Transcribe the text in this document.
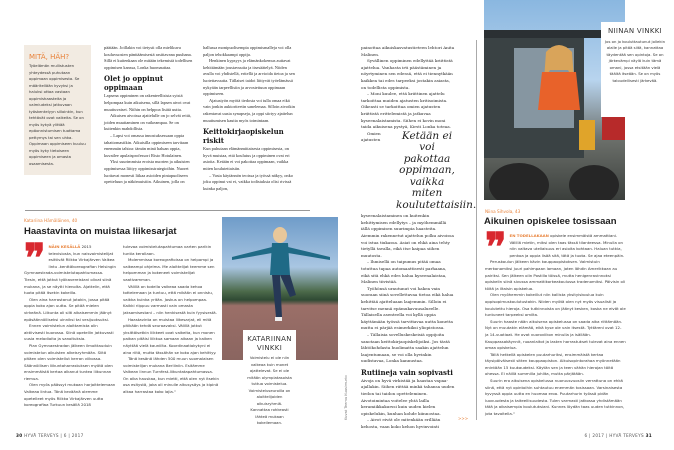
MITÄ, HÄH?
Työelämän mullistusten yhteydessä puhutaan oppimaan oppimisesta. Se määritellään kyvyksi ja haluksi ottaa vastaan oppimishaasteita ja valmiudeksi jatkuvaan työskentelyyn silloinkin, kun tehtävät ovat vaikeita. Se on myös kykyä ylittää epäonnistumisen tuottama pettymys tai sen uhka. Oppimaan oppimiseen kuuluu myös kyky tietoiseen oppimiseen ja omasta osaamisesta.

päätään. Joillakin voi tietysti olla mielikuva kouluvuosien pänttäämisestä rasittavana puuhana. Sillä ei kuitenkaan ole mitään tekemistä todellisen oppimisen kanssa, Lonka huomauttaa.

Olet jo oppinut oppimaan

Lapsena oppiminen on rakenteellisista syistä helpompaa kuin aikuisena, sillä lapsen aivot ovat muuttuvaiset. Niihin on helppoa lisätä uutta.

Aikuisen aivoissa ajattelulle on jo selvät reitit, joiden muuttaminen on vaikeampaa. Se on kuitenkin mahdollista.

– Lapsi voi omassa innostuksessaan oppia tahattomastikin. Aikuisilla oppimiseen tarvitaan enemmän tahtoa: tämän minä haluan oppia, kuvailee apulaisprofessori Risto Hotulainen.

Yksi suurimmista eroista nuorten ja aikuisten oppimisessa liittyy oppimisstrategioihin. Nuoret luottavat monesti liikaa asioiden pintapuoliseen opetteluun ja näkömuistiin. Aikuinen, jolla on

hallussa monipuolisempia oppimismalleja voi olla paljon tehokkaampi oppija.

Henkinen kypsyys ja elämänkokemus auttavat kehittämään joustavuutta ja itsesäätelyä. Niiden avulla voi yhdistellä, eritellä ja arvioida tietoa ja sen luotettavuutta. Tällaiset taidot liittyvät työelämässä nykyään tarpeellisiin ja arvostettuun oppimaan oppimiseen.

Ajatustyön myötä tiedosta voi tulla omaa eikä vain jonkin auktoriteetin sanelemaa. Silloin aivotkin rakentavat uusia synapseja, ja oppi siirtyy ajattelun muuttumisen kautta myös toimintaan.

Keittokirjaopiskelun riskit

Kun puhutaan elämänmittaisesta oppimisesta, on hyvä muistaa, että koulutus ja oppiminen ovat eri asioita. Ketään ei voi pakottaa oppimaan, vaikka miten koulutettaisiin.

– Vasta käytännön teoissa ja työssä näkyy, onko joku oppinut vai ei, vaikka todistuksia olisi rivissä kuinka paljon,

Katariina Hämäläinen, 40
Haastavinta on muistaa liikesarjat
❞ NÄIN KESÄLLÄ 2015 televisiosta, kun naisvoimistelijat esittivät Riikka Virkajärven Valkea lintu -kenttäkoreografian Helsingin Gymnaestrada-voimistelutapahtumassa. Tiesin, että jotkut työkavereistani olivat siinä mukana, ja se näytti hienolta. Ajattelin, että tuota pitää itsekin kokeilla.

Olen aina harrastanut jotakin, jossa pitää oppia koko ajan uutta. Se pitää mielen virkeänä. Liikunta oli silti aikaisemmin jäänyt epäsäännölliseksi uinniksi tai vesijuoksuksi.

Ennen voimistelun aloittamista olin aktiivisesti kuorossa. Siinä opetellin jatkuvasti uusia melodioita ja sanoituksia.

Pian Gymnaestradan jälkeen ilmoittauduin voimistelun aikuisten alkeisryhmään. Siitä pitäen olen voimistellut kerran viikossa. Säännöllisen liikuntaharrastuksen myötä olen ensimmäistä kertaa alkanut tuntea liikunnan riemua.

Olen myös päässyt mukaan harjoittelemaan Valkeaa lintua. Tänä keväänä olemme opetelleet myös Riikka Virkajärven uutta koreografiaa Turkuun kesällä 2018

tulevaa voimistelutapahtumaa varten parikin tuntia kerallaan.

Molemmissa koreografioissa on helpompi ja vaikeampi ohjelma. Me aloittelijat teemme sen helpomman ja kokeneet voimistelijat vaativamman.

Välillä on todella vaikeaa saada kehoa tottelemaan ja tuntuu, että mikään ei onnistu, vaikka kuinka yritän. Joskus on helpompaa. Kaikki riippuu varmasti vain omasta jaksamisestani – niin henkisestä kuin fyysisestä.

Haastavinta on muistaa liikesarjat, eli mitä pitikään tehdä seuraavaksi. Välillä jotkut yksittäisetkin liikkeet ovat vaikeita, kun monen paikan pitäisi liikkua samaan aikaan ja kaiken näyttää vielä kauniilta. Koordinaatiokykyni ei aina riitä, mutta tässähän se koko ajan kehittyy.

Tänä kesänä lähden 500 muun suomalaisen voimistelijan mukana Berliiniin. Esitämme Valkean linnun Turnfest-liikuntatapahtumassa. On aika hauskaa, kun mietti, että olen nyt itsekin osa esitystä, joka oli minulle alkusysäys ja kipinä alkaa harrastaa koko lajia."

KATARIINAN VINKKI
Voimistelu ei ole niin vaikeaa kuin monet ajattelevat. Se ei ole mitään olympiatasoista tuttua voimistelua. Voimisteluseuroilla on aloittelijoiden aikuisryhmiä. Kannattaa rohkeasti lähteä mukaan kokeilemaan.
30 HYVÄ TERVEYS | 6 | 2017

painottaa aikuiskasvatustieteen lehtori Anita Malinen.

Syvällinen oppiminen edellyttää kriittistä ajattelua. Vanhasta irti päästäminen ja nöyrtyminen sen edessä, että ei tiennytkään kaikkea tai edes tarpeeksi jostakin asiasta, on todellista oppimista.

– Moni kuulee, että kriittinen ajattelu tarkoittaa muiden ajatusten kritisoimista. Oikeasti se tarkoittaa omien ajatusten kriittistä erittelemistä ja jatkuvaa kyseenalaistamista. Siihen ei kovin moni taida aikuisena pystyä, Kirsti Lonka toteaa.

Ketään ei voi pakottaa oppimaan, vaikka miten koulutettaisiin.

Omien ajatusten kyseenalaistaminen on kuitenkin kehittymisen edellytys – ja myöhemmällä iällä oppimisen suurimpia haasteita. Aiemmin rakennetut ajattelun polku aivoissa voi istua tiukassa. Asiat on ehkä aina tehty tietyllä tavalla, eikä itse kaipaa siihen muutosta.

– Ihmisellä on taipumus pitää omaa totuttua tapaa automaattisesti parhaana, eikä sitä ehkä edes halua kyseenalaistaa, Malinen tiivistää.

Työhönsä urautunut voi hakea vain suoraan siinä sovellettavaa tietoa eikä halua kehittää ajatteluaan laajemmin. Silloin ei tarvitse mennä epämukavuusalueelle. Tällaisella asenteella voi kyllä oppia käyttämään työssä tarvittavaa uutta konetta mutta ei pärjää esimerkiksi yliopistossa.

– Tällaisia sovelluskeskeisiä oppijoita sanotaan keittokirjaopiskelijoiksi. Jos tästä lähtökohdasta huolimatta saakin ajattelun laajentumaan, se voi olla hyvinkin uudistavaa, Lonka kannustaa.

Rutiineja vain sopivasti

Aivoja on hyvä virkistää ja haastaa vapaa-ajallakin. Siihen riittää minkä tahansa uuden tiedon tai taidon opetteleminen. Aivotoimintaa voitelee yhtä lailla keramiikkakurssi kuin uuden kielen opiskelukin, kunhan kohde kiinnostaa.

– Aivot eivät ole mitenkään erillään kehosta, vaan koko kehon hyvinvointi

>>>
Kuvat Teemu Kuusimurto
NIINAN VINKKI
Jos on jo kouluttautunut jollekin alalle ja pitää siitä, kannattaa täydentää sen opintoja. Se on järkevämpi väylä kuin tämä omani, jossa etsitään vielä täältä itseään. Se on myös taloudellisesti järkevää.
Niina Sihvola, 43
Aikuinen opiskelee tosissaan
❞ EN TODELLAKAAN opiskele ensimmäistä ammattiani. Välillä mietin, miksi olen taas tässä tilanteessa. Minulla on niin valtava uteliaisuus eri asioita kohtaan. Haluan tutkia, penkoa ja oppia lisää sitä, tätä ja tuota. Se ajaa eteenpäin.

Peruskoulun jälkeen kävin kauppaopistoksen. Valmistuin merkonomiksi juuri pahimpaan lamaan, joten lähdin Amerikkaan au pairiksi. Sen jälkeen olin Postilla töissä, mutta henigenravinnoksi opiskelin siinä sivussa ammattikorkeakoulussa tradenomiksi. Päivisin oli töitä ja iltaisin opiskelua.

Olen myöhemmin kokeillut niin kallista yksityiskoulua kuin oppisopimuskoulutustakin. Niiden myötä olen nyt myös visualisti ja koulutettu hieroja. Osa tutkinnoista on jäänyt kesken, koska ne eivät ole tuntuneet tarpeeksi omilta.

Suurin haaste nään aikuisena opiskelussa on saada aika riittämään. Nyt on muutakin elämää, eikä kyse ole vain itsestä. Tyttäreni ovat 12- ja 14-vuotiaat. He ovat vuoroviikon minulla ja isällään. Kauppassakäynnit, ruoanlaitot ja lasten harrastukset tulevat aina ennen omaa opiskelua.

Tällä hetkellä opiskelen puutarhuriksi, ensimmäistä kertaa täysipäiväisesti sitten kauppaopiston. Aikuisopintorahaa myönnetään enintään 15 kuukaudeksi. Käytän sen ja teen vähän hierojan töitä ohessa. Ei näillä summilla juhlita, mutta pärjätään.

Suurin ero aikuisena opiskelussa nuoruusvuosiin verrattuna on ehkä siinä, että nyt opintoihin suhtautuu enemmän tosissaan. Varsinaisesta kyvyssä oppia uutta en huomaa eroa. Puutarhurin työssä pidän luovuudesta ja taiteellisuudesta. Tulen varmasti jatkossa yhdistämään tätä ja aikaisempia koulutuksiani. Kunnes löydän taas uuden tutkinnon, jota tavoitella."

6 | 2017 | HYVÄ TERVEYS 31
